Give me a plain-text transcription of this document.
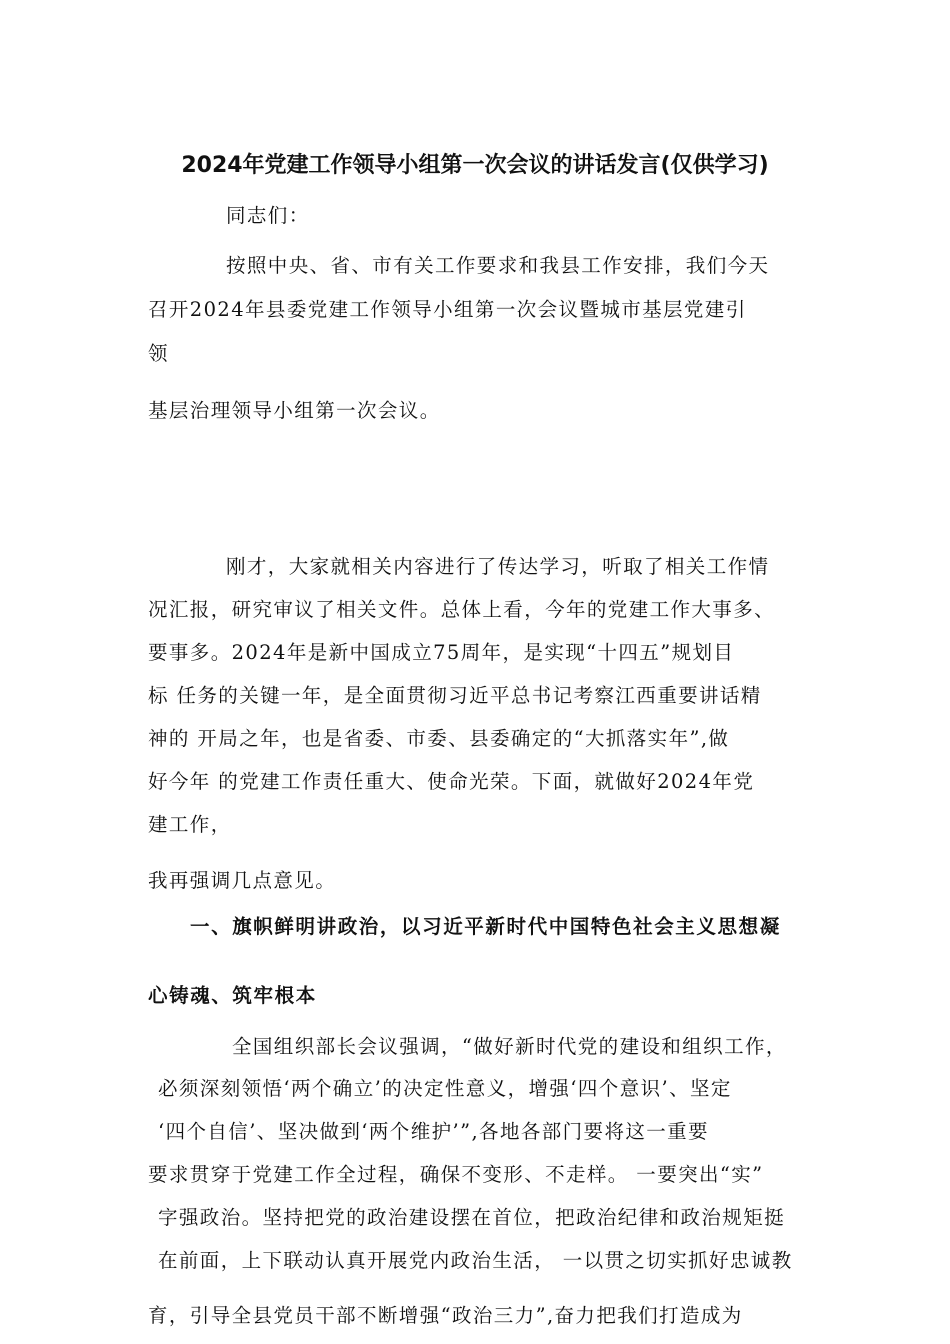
2024年党建工作领导小组第一次会议的讲话发言(仅供学习)

同志们：

按照中央、省、市有关工作要求和我县工作安排，我们今天

召开2024年县委党建工作领导小组第一次会议暨城市基层党建引

领

基层治理领导小组第一次会议。

刚才，大家就相关内容进行了传达学习，听取了相关工作情

况汇报，研究审议了相关文件。总体上看，今年的党建工作大事多、

要事多。2024年是新中国成立75周年，是实现“十四五”规划目

标 任务的关键一年，是全面贯彻习近平总书记考察江西重要讲话精

神的 开局之年，也是省委、市委、县委确定的“大抓落实年”,做

好今年 的党建工作责任重大、使命光荣。下面，就做好2024年党

建工作，

我再强调几点意见。

一、旗帜鲜明讲政治，以习近平新时代中国特色社会主义思想凝

心铸魂、筑牢根本

全国组织部长会议强调，“做好新时代党的建设和组织工作，

必须深刻领悟‘两个确立’的决定性意义，增强‘四个意识’、坚定

‘四个自信’、坚决做到‘两个维护’”,各地各部门要将这一重要

要求贯穿于党建工作全过程，确保不变形、不走样。 一要突出“实”

字强政治。坚持把党的政治建设摆在首位，把政治纪律和政治规矩挺

在前面，上下联动认真开展党内政治生活， 一以贯之切实抓好忠诚教

育，引导全县党员干部不断增强“政治三力”,奋力把我们打造成为
